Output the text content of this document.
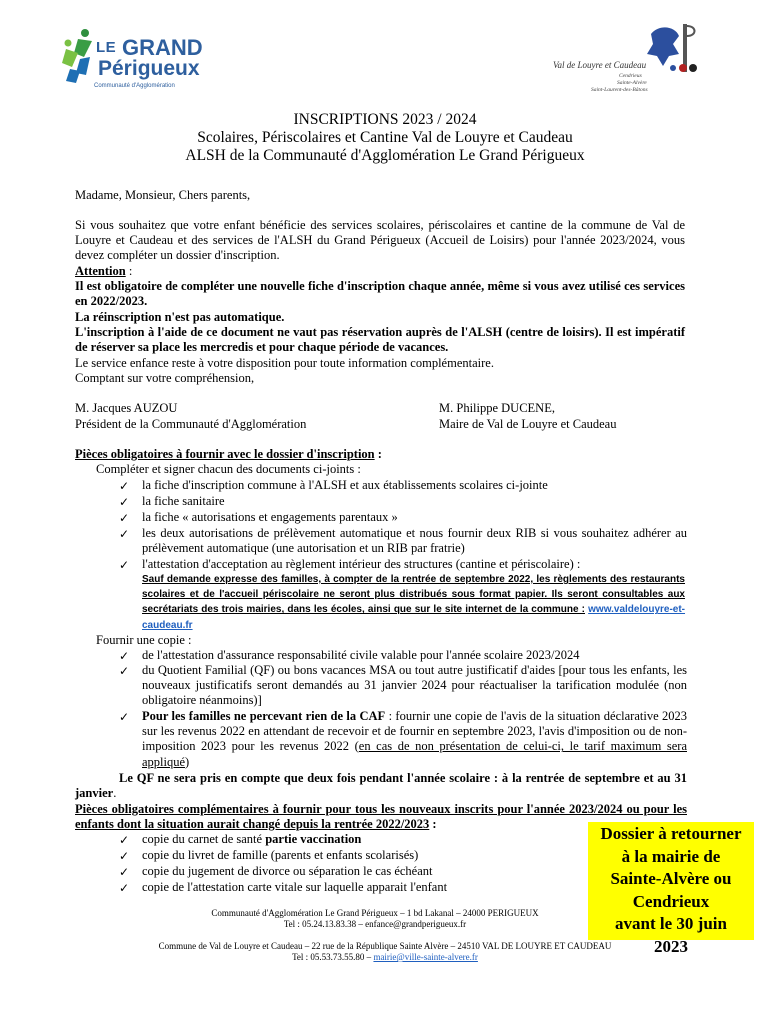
LE GRAND
Périgueux
Communauté d'Agglomération
Val de Louyre et Caudeau
Cendrieux
Sainte-Alvère
Saint-Laurent-des-Bâtons
INSCRIPTIONS 2023 / 2024
Scolaires, Périscolaires et Cantine Val de Louyre et Caudeau
ALSH de la Communauté d'Agglomération Le Grand Périgueux
Madame, Monsieur, Chers parents,
Si vous souhaitez que votre enfant bénéficie des services scolaires, périscolaires et cantine de la commune de Val de Louyre et Caudeau et des services de l'ALSH du Grand Périgueux (Accueil de Loisirs) pour l'année 2023/2024, vous devez compléter un dossier d'inscription.
Attention :
Il est obligatoire de compléter une nouvelle fiche d'inscription chaque année, même si vous avez utilisé ces services en 2022/2023.
La réinscription n'est pas automatique.
L'inscription à l'aide de ce document ne vaut pas réservation auprès de l'ALSH (centre de loisirs). Il est impératif de réserver sa place les mercredis et pour chaque période de vacances.
Le service enfance reste à votre disposition pour toute information complémentaire.
Comptant sur votre compréhension,
M. Jacques AUZOU
Président de la Communauté d'Agglomération
M. Philippe DUCENE,
Maire de Val de Louyre et Caudeau
Pièces obligatoires à fournir avec le dossier d'inscription :
Compléter et signer chacun des documents ci-joints :
✓ la fiche d'inscription commune à l'ALSH et aux établissements scolaires ci-jointe
✓ la fiche sanitaire
✓ la fiche « autorisations et engagements parentaux »
✓ les deux autorisations de prélèvement automatique et nous fournir deux RIB si vous souhaitez adhérer au prélèvement automatique (une autorisation et un RIB par fratrie)
✓ l'attestation d'acceptation au règlement intérieur des structures (cantine et périscolaire) :
Sauf demande expresse des familles, à compter de la rentrée de septembre 2022, les règlements des restaurants scolaires et de l'accueil périscolaire ne seront plus distribués sous format papier. Ils seront consultables aux secrétariats des trois mairies, dans les écoles, ainsi que sur le site internet de la commune : www.valdelouyre-et-caudeau.fr
Fournir une copie :
✓ de l'attestation d'assurance responsabilité civile valable pour l'année scolaire 2023/2024
✓ du Quotient Familial (QF) ou bons vacances MSA ou tout autre justificatif d'aides [pour tous les enfants, les nouveaux justificatifs seront demandés au 31 janvier 2024 pour réactualiser la tarification modulée (non obligatoire néanmoins)]
✓ Pour les familles ne percevant rien de la CAF : fournir une copie de l'avis de la situation déclarative 2023 sur les revenus 2022 en attendant de recevoir et de fournir en septembre 2023, l'avis d'imposition ou de non-imposition 2023 pour les revenus 2022 (en cas de non présentation de celui-ci, le tarif maximum sera appliqué)
Le QF ne sera pris en compte que deux fois pendant l'année scolaire : à la rentrée de septembre et au 31 janvier.
Pièces obligatoires complémentaires à fournir pour tous les nouveaux inscrits pour l'année 2023/2024 ou pour les enfants dont la situation aurait changé depuis la rentrée 2022/2023 :
✓ copie du carnet de santé partie vaccination
✓ copie du livret de famille (parents et enfants scolarisés)
✓ copie du jugement de divorce ou séparation le cas échéant
✓ copie de l'attestation carte vitale sur laquelle apparait l'enfant
Dossier à retourner
à la mairie de
Sainte-Alvère ou
Cendrieux
avant le 30 juin
2023
Communauté d'Agglomération Le Grand Périgueux – 1 bd Lakanal – 24000 PERIGUEUX
Tel : 05.24.13.83.38 – enfance@grandperigueux.fr
Commune de Val de Louyre et Caudeau – 22 rue de la République Sainte Alvère – 24510 VAL DE LOUYRE ET CAUDEAU
Tel : 05.53.73.55.80 – mairie@ville-sainte-alvere.fr
